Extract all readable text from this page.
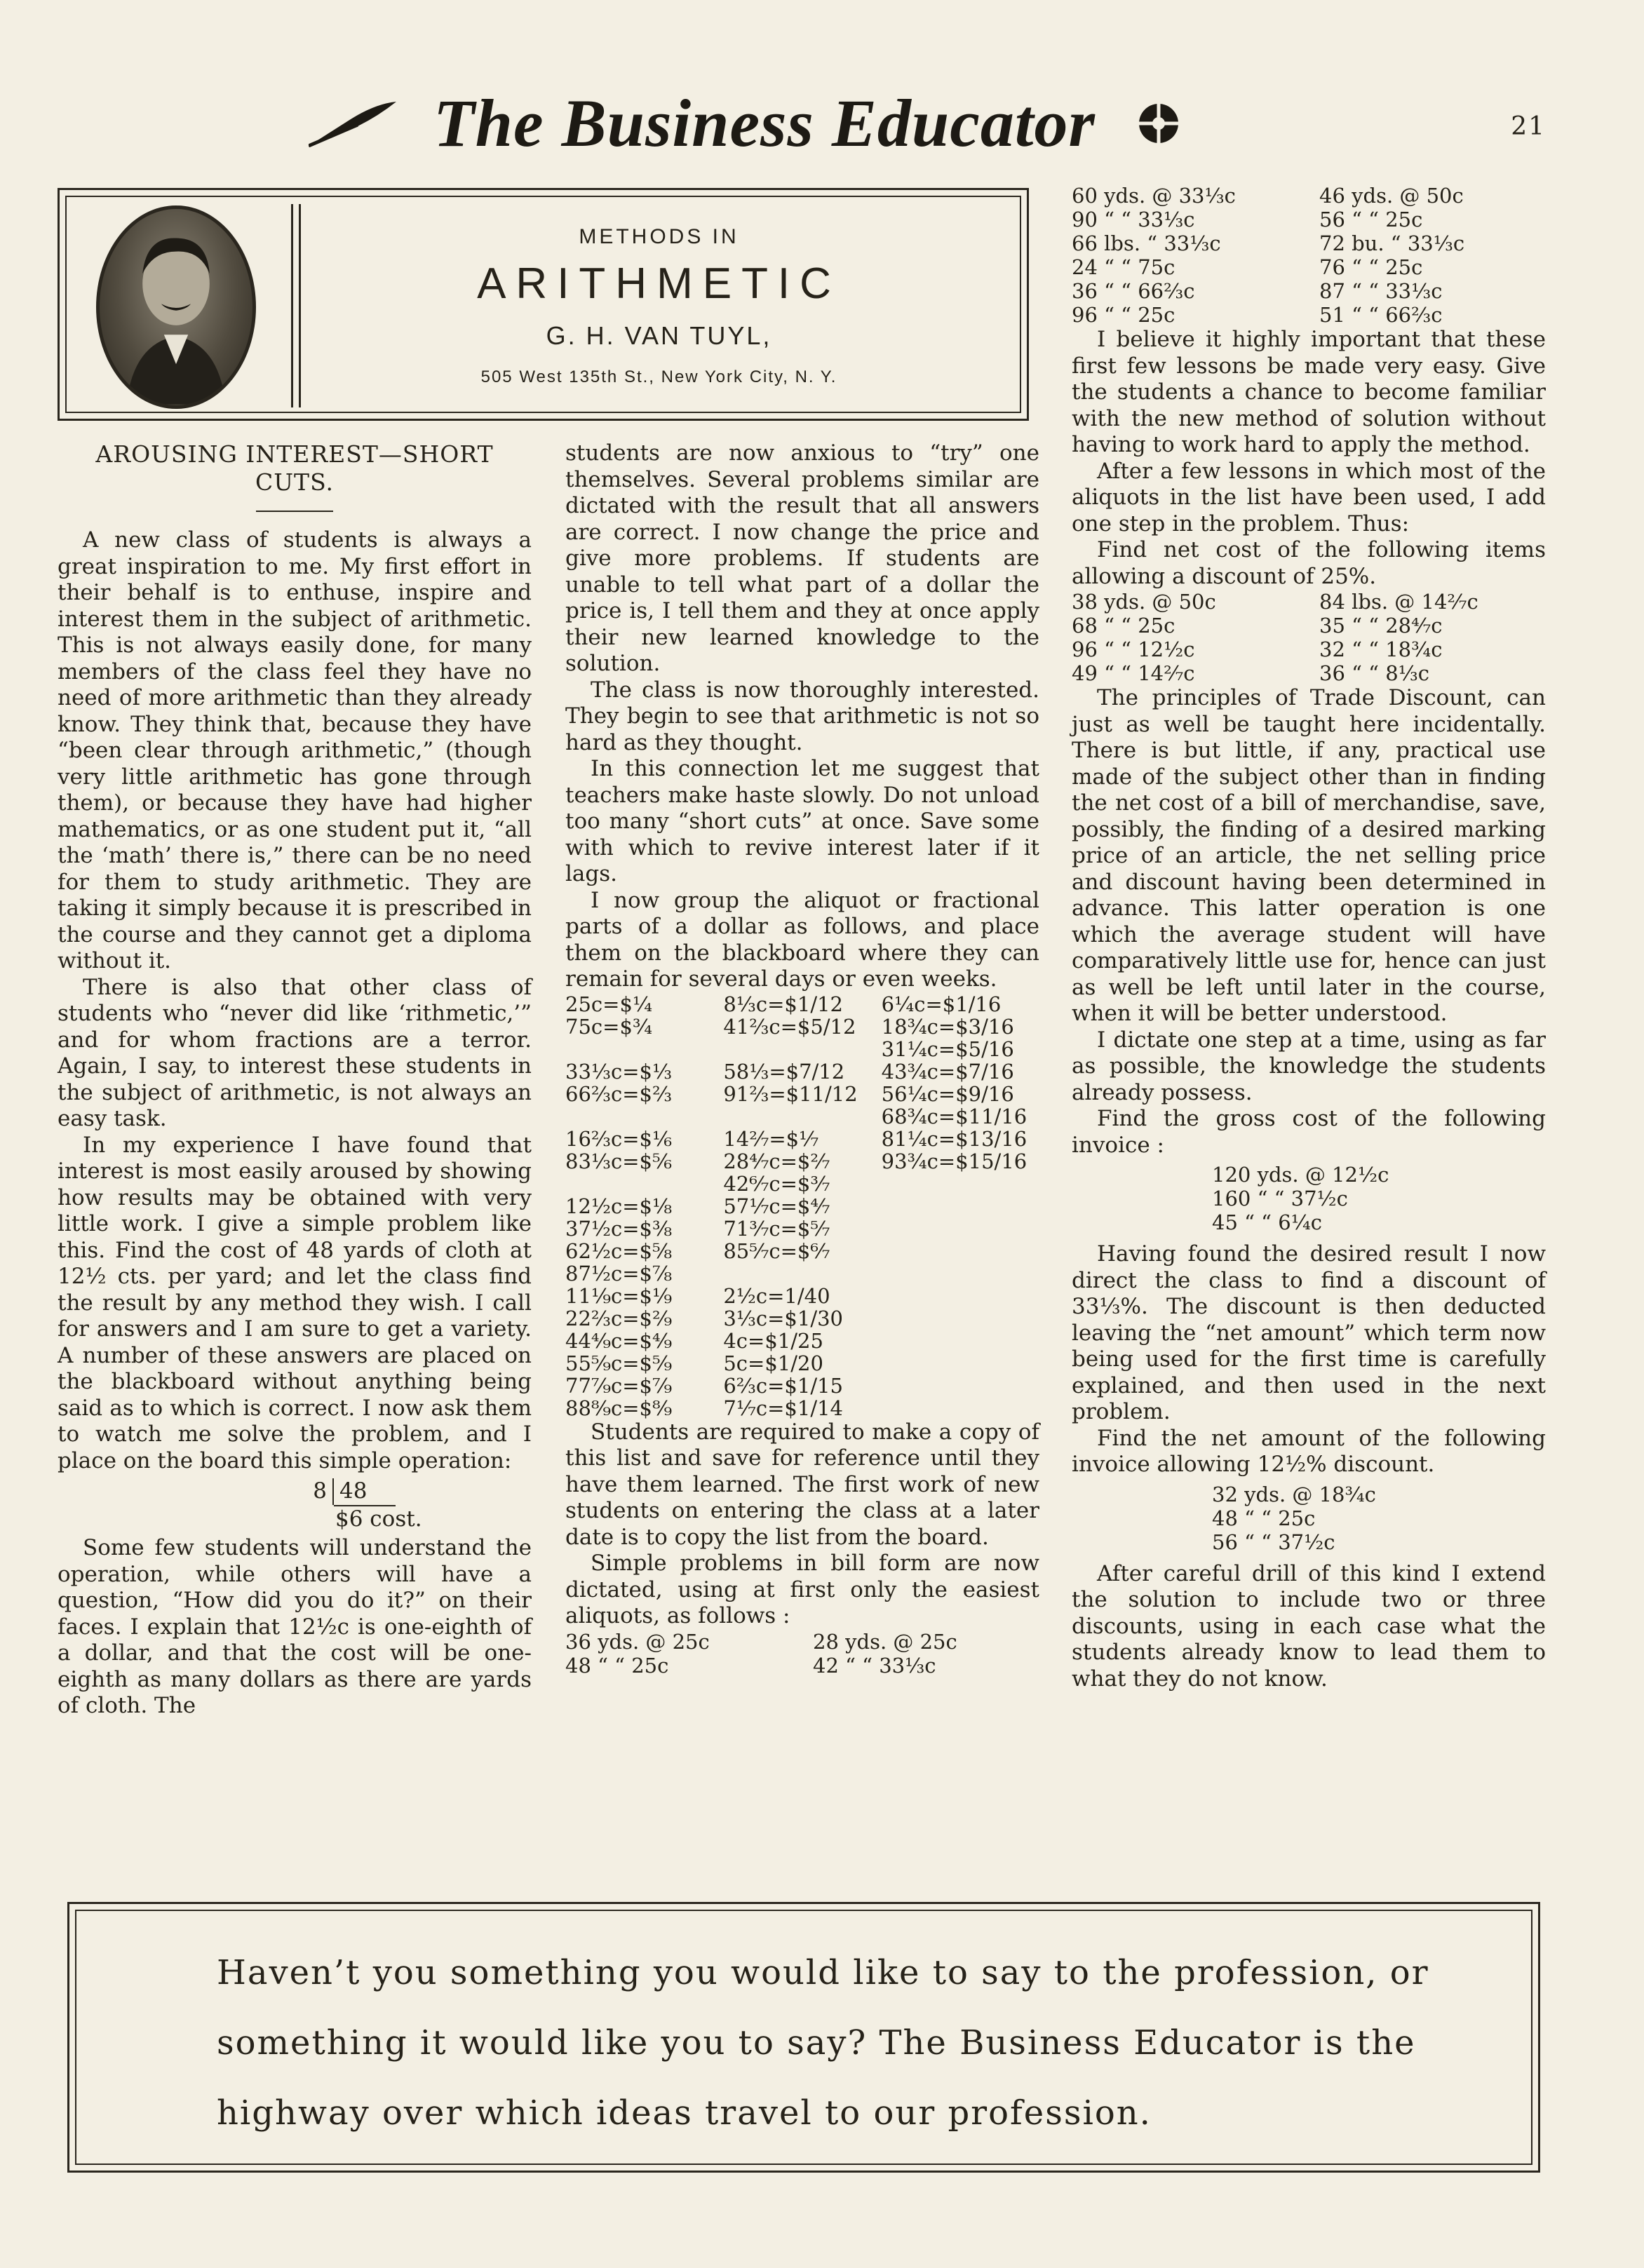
The Business Educator	21
METHODS IN
ARITHMETIC
G. H. VAN TUYL,
505 West 135th St., New York City, N. Y.
AROUSING INTEREST—SHORT CUTS.

A new class of students is always a great inspiration to me. My first effort in their behalf is to enthuse, inspire and interest them in the subject of arithmetic. This is not always easily done, for many members of the class feel they have no need of more arithmetic than they already know. They think that, because they have “been clear through arithmetic,” (though very little arithmetic has gone through them), or because they have had higher mathematics, or as one student put it, “all the ‘math’ there is,” there can be no need for them to study arithmetic. They are taking it simply because it is prescribed in the course and they cannot get a diploma without it.

There is also that other class of students who “never did like ‘rithmetic,’” and for whom fractions are a terror. Again, I say, to interest these students in the subject of arithmetic, is not always an easy task.

In my experience I have found that interest is most easily aroused by showing how results may be obtained with very little work. I give a simple problem like this. Find the cost of 48 yards of cloth at 12½ cts. per yard; and let the class find the result by any method they wish. I call for answers and I am sure to get a variety. A number of these answers are placed on the blackboard without anything being said as to which is correct. I now ask them to watch me solve the problem, and I place on the board this simple operation:

8 48
$6 cost.

Some few students will understand the operation, while others will have a question, “How did you do it?” on their faces. I explain that 12½c is one-eighth of a dollar, and that the cost will be one-eighth as many dollars as there are yards of cloth. The

students are now anxious to “try” one themselves. Several problems similar are dictated with the result that all answers are correct. I now change the price and give more problems. If students are unable to tell what part of a dollar the price is, I tell them and they at once apply their new learned knowledge to the solution.

The class is now thoroughly interested. They begin to see that arithmetic is not so hard as they thought.

In this connection let me suggest that teachers make haste slowly. Do not unload too many “short cuts” at once. Save some with which to revive interest later if it lags.

I now group the aliquot or fractional parts of a dollar as follows, and place them on the blackboard where they can remain for several days or even weeks.

25c=$¼	8⅓c=$1/12	6¼c=$1/16
75c=$¾	41⅔c=$5/12	18¾c=$3/16
		31¼c=$5/16
33⅓c=$⅓	58⅓=$7/12	43¾c=$7/16
66⅔c=$⅔	91⅔=$11/12	56¼c=$9/16
		68¾c=$11/16
16⅔c=$⅙	14²⁄₇=$⅐	81¼c=$13/16
83⅓c=$⅚	28⁴⁄₇c=$²⁄₇	93¾c=$15/16
	42⁶⁄₇c=$³⁄₇	
12½c=$⅛	57⅐c=$⁴⁄₇	
37½c=$⅜	71³⁄₇c=$⁵⁄₇	
62½c=$⅝	85⁵⁄₇c=$⁶⁄₇	
87½c=$⅞		
11⅑c=$⅑	2½c=1/40	
22⅔c=$²⁄₉	3⅓c=$1/30	
44⁴⁄₉c=$⁴⁄₉	4c=$1/25	
55⁵⁄₉c=$⁵⁄₉	5c=$1/20	
77⁷⁄₉c=$⁷⁄₉	6⅔c=$1/15	
88⁸⁄₉c=$⁸⁄₉	7⅐c=$1/14	

Students are required to make a copy of this list and save for reference until they have them learned. The first work of new students on entering the class at a later date is to copy the list from the board.

Simple problems in bill form are now dictated, using at first only the easiest aliquots, as follows :

36 yds. @ 25c	28 yds. @ 25c
48 “ “ 25c	42 “ “ 33⅓c
60 yds. @ 33⅓c	46 yds. @ 50c
90 “ “ 33⅓c	56 “ “ 25c
66 lbs. “ 33⅓c	72 bu. “ 33⅓c
24 “ “ 75c	76 “ “ 25c
36 “ “ 66⅔c	87 “ “ 33⅓c
96 “ “ 25c	51 “ “ 66⅔c

I believe it highly important that these first few lessons be made very easy. Give the students a chance to become familiar with the new method of solution without having to work hard to apply the method.

After a few lessons in which most of the aliquots in the list have been used, I add one step in the problem. Thus:

Find net cost of the following items allowing a discount of 25%.

38 yds. @ 50c	84 lbs. @ 14²⁄₇c
68 “ “ 25c	35 “ “ 28⁴⁄₇c
96 “ “ 12½c	32 “ “ 18¾c
49 “ “ 14²⁄₇c	36 “ “ 8⅓c

The principles of Trade Discount, can just as well be taught here incidentally. There is but little, if any, practical use made of the subject other than in finding the net cost of a bill of merchandise, save, possibly, the finding of a desired marking price of an article, the net selling price and discount having been determined in advance. This latter operation is one which the average student will have comparatively little use for, hence can just as well be left until later in the course, when it will be better understood.

I dictate one step at a time, using as far as possible, the knowledge the students already possess.

Find the gross cost of the following invoice :

120 yds. @ 12½c
160 “ “ 37½c
45 “ “ 6¼c

Having found the desired result I now direct the class to find a discount of 33⅓%. The discount is then deducted leaving the “net amount” which term now being used for the first time is carefully explained, and then used in the next problem.

Find the net amount of the following invoice allowing 12½% discount.

32 yds. @ 18¾c
48 “ “ 25c
56 “ “ 37½c

After careful drill of this kind I extend the solution to include two or three discounts, using in each case what the students already know to lead them to what they do not know.

Haven’t you something you would like to say to the profession, or
something it would like you to say? The Business Educator is the
highway over which ideas travel to our profession.
